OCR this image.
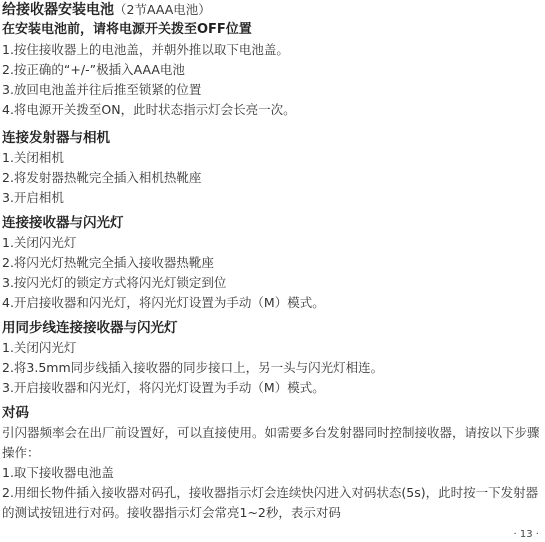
给接收器安装电池（2节AAA电池）
在安装电池前，请将电源开关拨至OFF位置
1.按住接收器上的电池盖，并朝外推以取下电池盖。
2.按正确的“+/-”极插入AAA电池
3.放回电池盖并往后推至锁紧的位置
4.将电源开关拨至ON，此时状态指示灯会长亮一次。
连接发射器与相机
1.关闭相机
2.将发射器热靴完全插入相机热靴座
3.开启相机
连接接收器与闪光灯
1.关闭闪光灯
2.将闪光灯热靴完全插入接收器热靴座
3.按闪光灯的锁定方式将闪光灯锁定到位
4.开启接收器和闪光灯，将闪光灯设置为手动（M）模式。
用同步线连接接收器与闪光灯
1.关闭闪光灯
2.将3.5mm同步线插入接收器的同步接口上，另一头与闪光灯相连。
3.开启接收器和闪光灯，将闪光灯设置为手动（M）模式。
对码
引闪器频率会在出厂前设置好，可以直接使用。如需要多台发射器同时控制接收器，请按以下步骤操作：
1.取下接收器电池盖
2.用细长物件插入接收器对码孔，接收器指示灯会连续快闪进入对码状态(5s)，此时按一下发射器的测试按钮进行对码。接收器指示灯会常亮1~2秒，表示对码
· 13 ·
